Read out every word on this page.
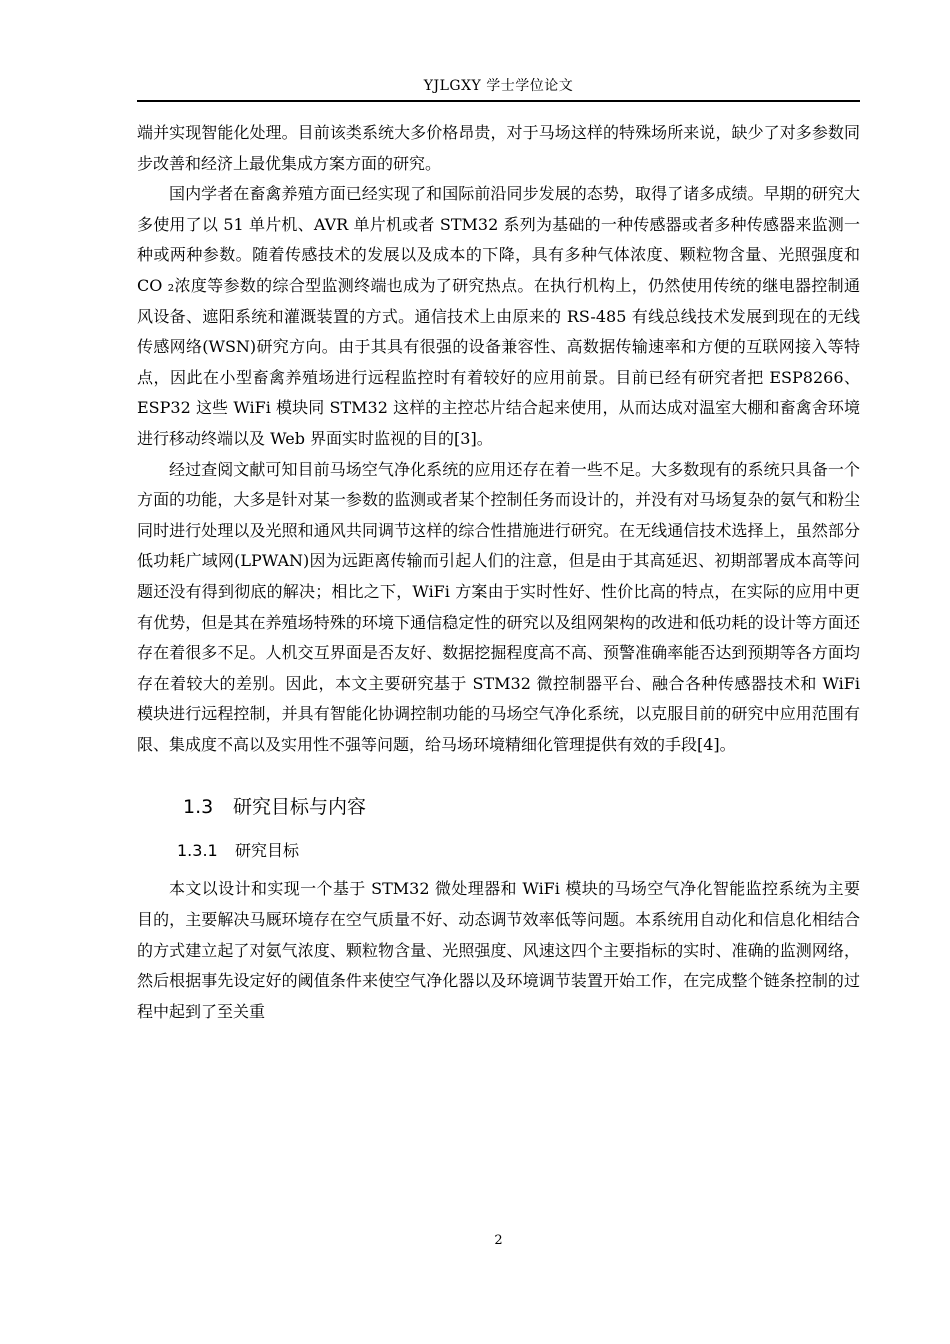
YJLGXY 学士学位论文

端并实现智能化处理。目前该类系统大多价格昂贵，对于马场这样的特殊场所来说，缺少了对多参数同步改善和经济上最优集成方案方面的研究。

国内学者在畜禽养殖方面已经实现了和国际前沿同步发展的态势，取得了诸多成绩。早期的研究大多使用了以 51 单片机、AVR 单片机或者 STM32 系列为基础的一种传感器或者多种传感器来监测一种或两种参数。随着传感技术的发展以及成本的下降，具有多种气体浓度、颗粒物含量、光照强度和 CO ₂浓度等参数的综合型监测终端也成为了研究热点。在执行机构上，仍然使用传统的继电器控制通风设备、遮阳系统和灌溉装置的方式。通信技术上由原来的 RS-485 有线总线技术发展到现在的无线传感网络(WSN)研究方向。由于其具有很强的设备兼容性、高数据传输速率和方便的互联网接入等特点，因此在小型畜禽养殖场进行远程监控时有着较好的应用前景。目前已经有研究者把 ESP8266、ESP32 这些 WiFi 模块同 STM32 这样的主控芯片结合起来使用，从而达成对温室大棚和畜禽舍环境进行移动终端以及 Web 界面实时监视的目的[3]。

经过查阅文献可知目前马场空气净化系统的应用还存在着一些不足。大多数现有的系统只具备一个方面的功能，大多是针对某一参数的监测或者某个控制任务而设计的，并没有对马场复杂的氨气和粉尘同时进行处理以及光照和通风共同调节这样的综合性措施进行研究。在无线通信技术选择上，虽然部分低功耗广域网(LPWAN)因为远距离传输而引起人们的注意，但是由于其高延迟、初期部署成本高等问题还没有得到彻底的解决；相比之下，WiFi 方案由于实时性好、性价比高的特点，在实际的应用中更有优势，但是其在养殖场特殊的环境下通信稳定性的研究以及组网架构的改进和低功耗的设计等方面还存在着很多不足。人机交互界面是否友好、数据挖掘程度高不高、预警准确率能否达到预期等各方面均存在着较大的差别。因此，本文主要研究基于 STM32 微控制器平台、融合各种传感器技术和 WiFi 模块进行远程控制，并具有智能化协调控制功能的马场空气净化系统，以克服目前的研究中应用范围有限、集成度不高以及实用性不强等问题，给马场环境精细化管理提供有效的手段[4]。

1.3 研究目标与内容
1.3.1 研究目标

本文以设计和实现一个基于 STM32 微处理器和 WiFi 模块的马场空气净化智能监控系统为主要目的，主要解决马厩环境存在空气质量不好、动态调节效率低等问题。本系统用自动化和信息化相结合的方式建立起了对氨气浓度、颗粒物含量、光照强度、风速这四个主要指标的实时、准确的监测网络，然后根据事先设定好的阈值条件来使空气净化器以及环境调节装置开始工作，在完成整个链条控制的过程中起到了至关重

2
